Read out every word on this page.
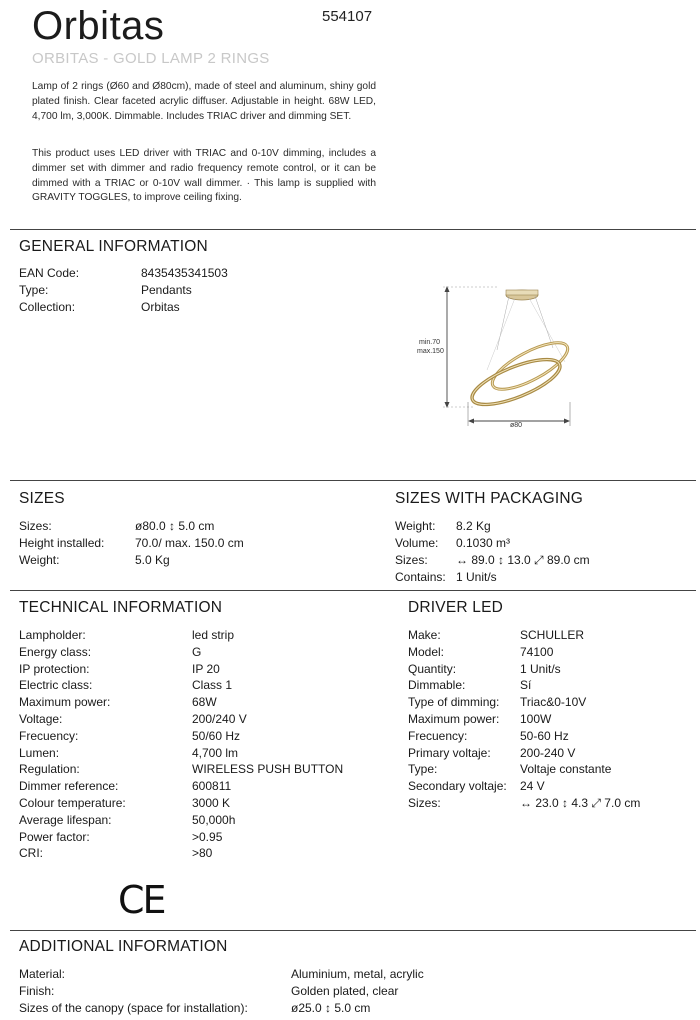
Orbitas	554107
ORBITAS - GOLD LAMP 2 RINGS
Lamp of 2 rings (Ø60 and Ø80cm), made of steel and aluminum, shiny gold plated finish. Clear faceted acrylic diffuser. Adjustable in height. 68W LED, 4,700 lm, 3,000K. Dimmable. Includes TRIAC driver and dimming SET.
This product uses LED driver with TRIAC and 0-10V dimming, includes a dimmer set with dimmer and radio frequency remote control, or it can be dimmed with a TRIAC or 0-10V wall dimmer. · This lamp is supplied with GRAVITY TOGGLES, to improve ceiling fixing.
GENERAL INFORMATION
EAN Code:	8435435341503
Type:	Pendants
Collection:	Orbitas
min.70
max.150
ø80
SIZES
Sizes:	ø80.0 ↕ 5.0 cm
Height installed:	70.0/ max. 150.0 cm
Weight:	5.0 Kg
SIZES WITH PACKAGING
Weight: 8.2 Kg
Volume: 0.1030 m³
Sizes: ↔ 89.0 ↕ 13.0 ⤢ 89.0 cm
Contains: 1 Unit/s
TECHNICAL INFORMATION
Lampholder:	led strip
Energy class:	G
IP protection:	IP 20
Electric class:	Class 1
Maximum power:	68W
Voltage:	200/240 V
Frecuency:	50/60 Hz
Lumen:	4,700 lm
Regulation:	WIRELESS PUSH BUTTON
Dimmer reference:	600811
Colour temperature:	3000 K
Average lifespan:	50,000h
Power factor:	>0.95
CRI:	>80
DRIVER LED
Make:	SCHULLER
Model:	74100
Quantity:	1 Unit/s
Dimmable:	Sí
Type of dimming: Triac&0-10V
Maximum power: 100W
Frecuency:	50-60 Hz
Primary voltaje: 200-240 V
Type:	Voltaje constante
Secondary voltaje: 24 V
Sizes:	↔ 23.0 ↕ 4.3 ⤢ 7.0 cm
CE
ADDITIONAL INFORMATION
Material:	Aluminium, metal, acrylic
Finish:	Golden plated, clear
Sizes of the canopy (space for installation):	ø25.0 ↕ 5.0 cm
